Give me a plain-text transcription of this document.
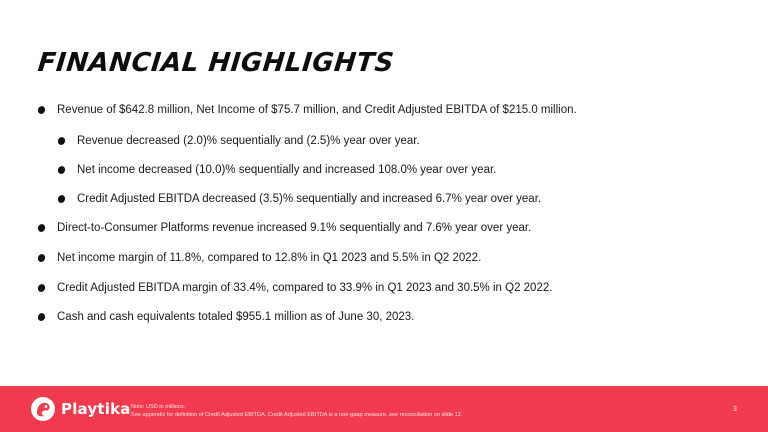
FINANCIAL HIGHLIGHTS
Revenue of $642.8 million, Net Income of $75.7 million, and Credit Adjusted EBITDA of $215.0 million.
Revenue decreased (2.0)% sequentially and (2.5)% year over year.
Net income decreased (10.0)% sequentially and increased 108.0% year over year.
Credit Adjusted EBITDA decreased (3.5)% sequentially and increased 6.7% year over year.
Direct-to-Consumer Platforms revenue increased 9.1% sequentially and 7.6% year over year.
Net income margin of 11.8%, compared to 12.8% in Q1 2023 and 5.5% in Q2 2022.
Credit Adjusted EBITDA margin of 33.4%, compared to 33.9% in Q1 2023 and 30.5% in Q2 2022.
Cash and cash equivalents totaled $955.1 million as of June 30, 2023.
Playtika Note: USD in millions.
See appendix for definition of Credit Adjusted EBITDA. Credit Adjusted EBITDA is a non-gaap measure, see reconciliation on slide 12.
3
